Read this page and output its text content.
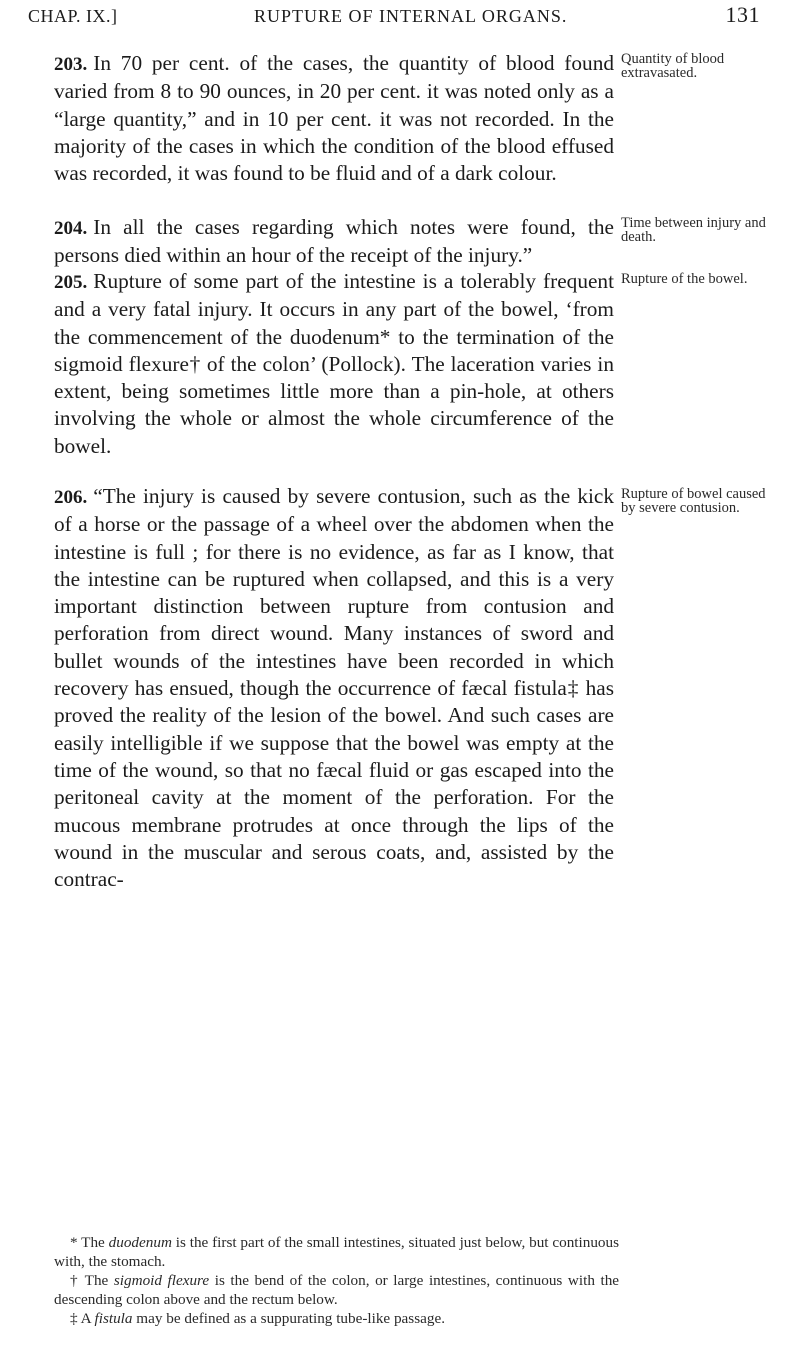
CHAP. IX.]	RUPTURE OF INTERNAL ORGANS.	131
203. In 70 per cent. of the cases, the quantity of blood found varied from 8 to 90 ounces, in 20 per cent. it was noted only as a “large quantity,” and in 10 per cent. it was not recorded. In the majority of the cases in which the condition of the blood effused was recorded, it was found to be fluid and of a dark colour.
Quantity of blood extravasated.
204. In all the cases regarding which notes were found, the persons died within an hour of the receipt of the injury.”
Time between injury and death.
205. Rupture of some part of the intestine is a tolerably frequent and a very fatal injury. It occurs in any part of the bowel, ‘from the commencement of the duodenum* to the termination of the sigmoid flexure† of the colon’ (Pollock). The laceration varies in extent, being sometimes little more than a pin-hole, at others involving the whole or almost the whole circumference of the bowel.
Rupture of the bowel.
206. “The injury is caused by severe contusion, such as the kick of a horse or the passage of a wheel over the abdomen when the intestine is full ; for there is no evidence, as far as I know, that the intestine can be ruptured when collapsed, and this is a very important distinction between rupture from contusion and perforation from direct wound. Many instances of sword and bullet wounds of the intestines have been recorded in which recovery has ensued, though the occurrence of fæcal fistula‡ has proved the reality of the lesion of the bowel. And such cases are easily intelligible if we suppose that the bowel was empty at the time of the wound, so that no fæcal fluid or gas escaped into the peritoneal cavity at the moment of the perforation. For the mucous membrane protrudes at once through the lips of the wound in the muscular and serous coats, and, assisted by the contrac-
Rupture of bowel caused by severe contusion.

* The duodenum is the first part of the small intestines, situated just below, but continuous with, the stomach.

† The sigmoid flexure is the bend of the colon, or large intestines, continuous with the descending colon above and the rectum below.

‡ A fistula may be defined as a suppurating tube-like passage.
